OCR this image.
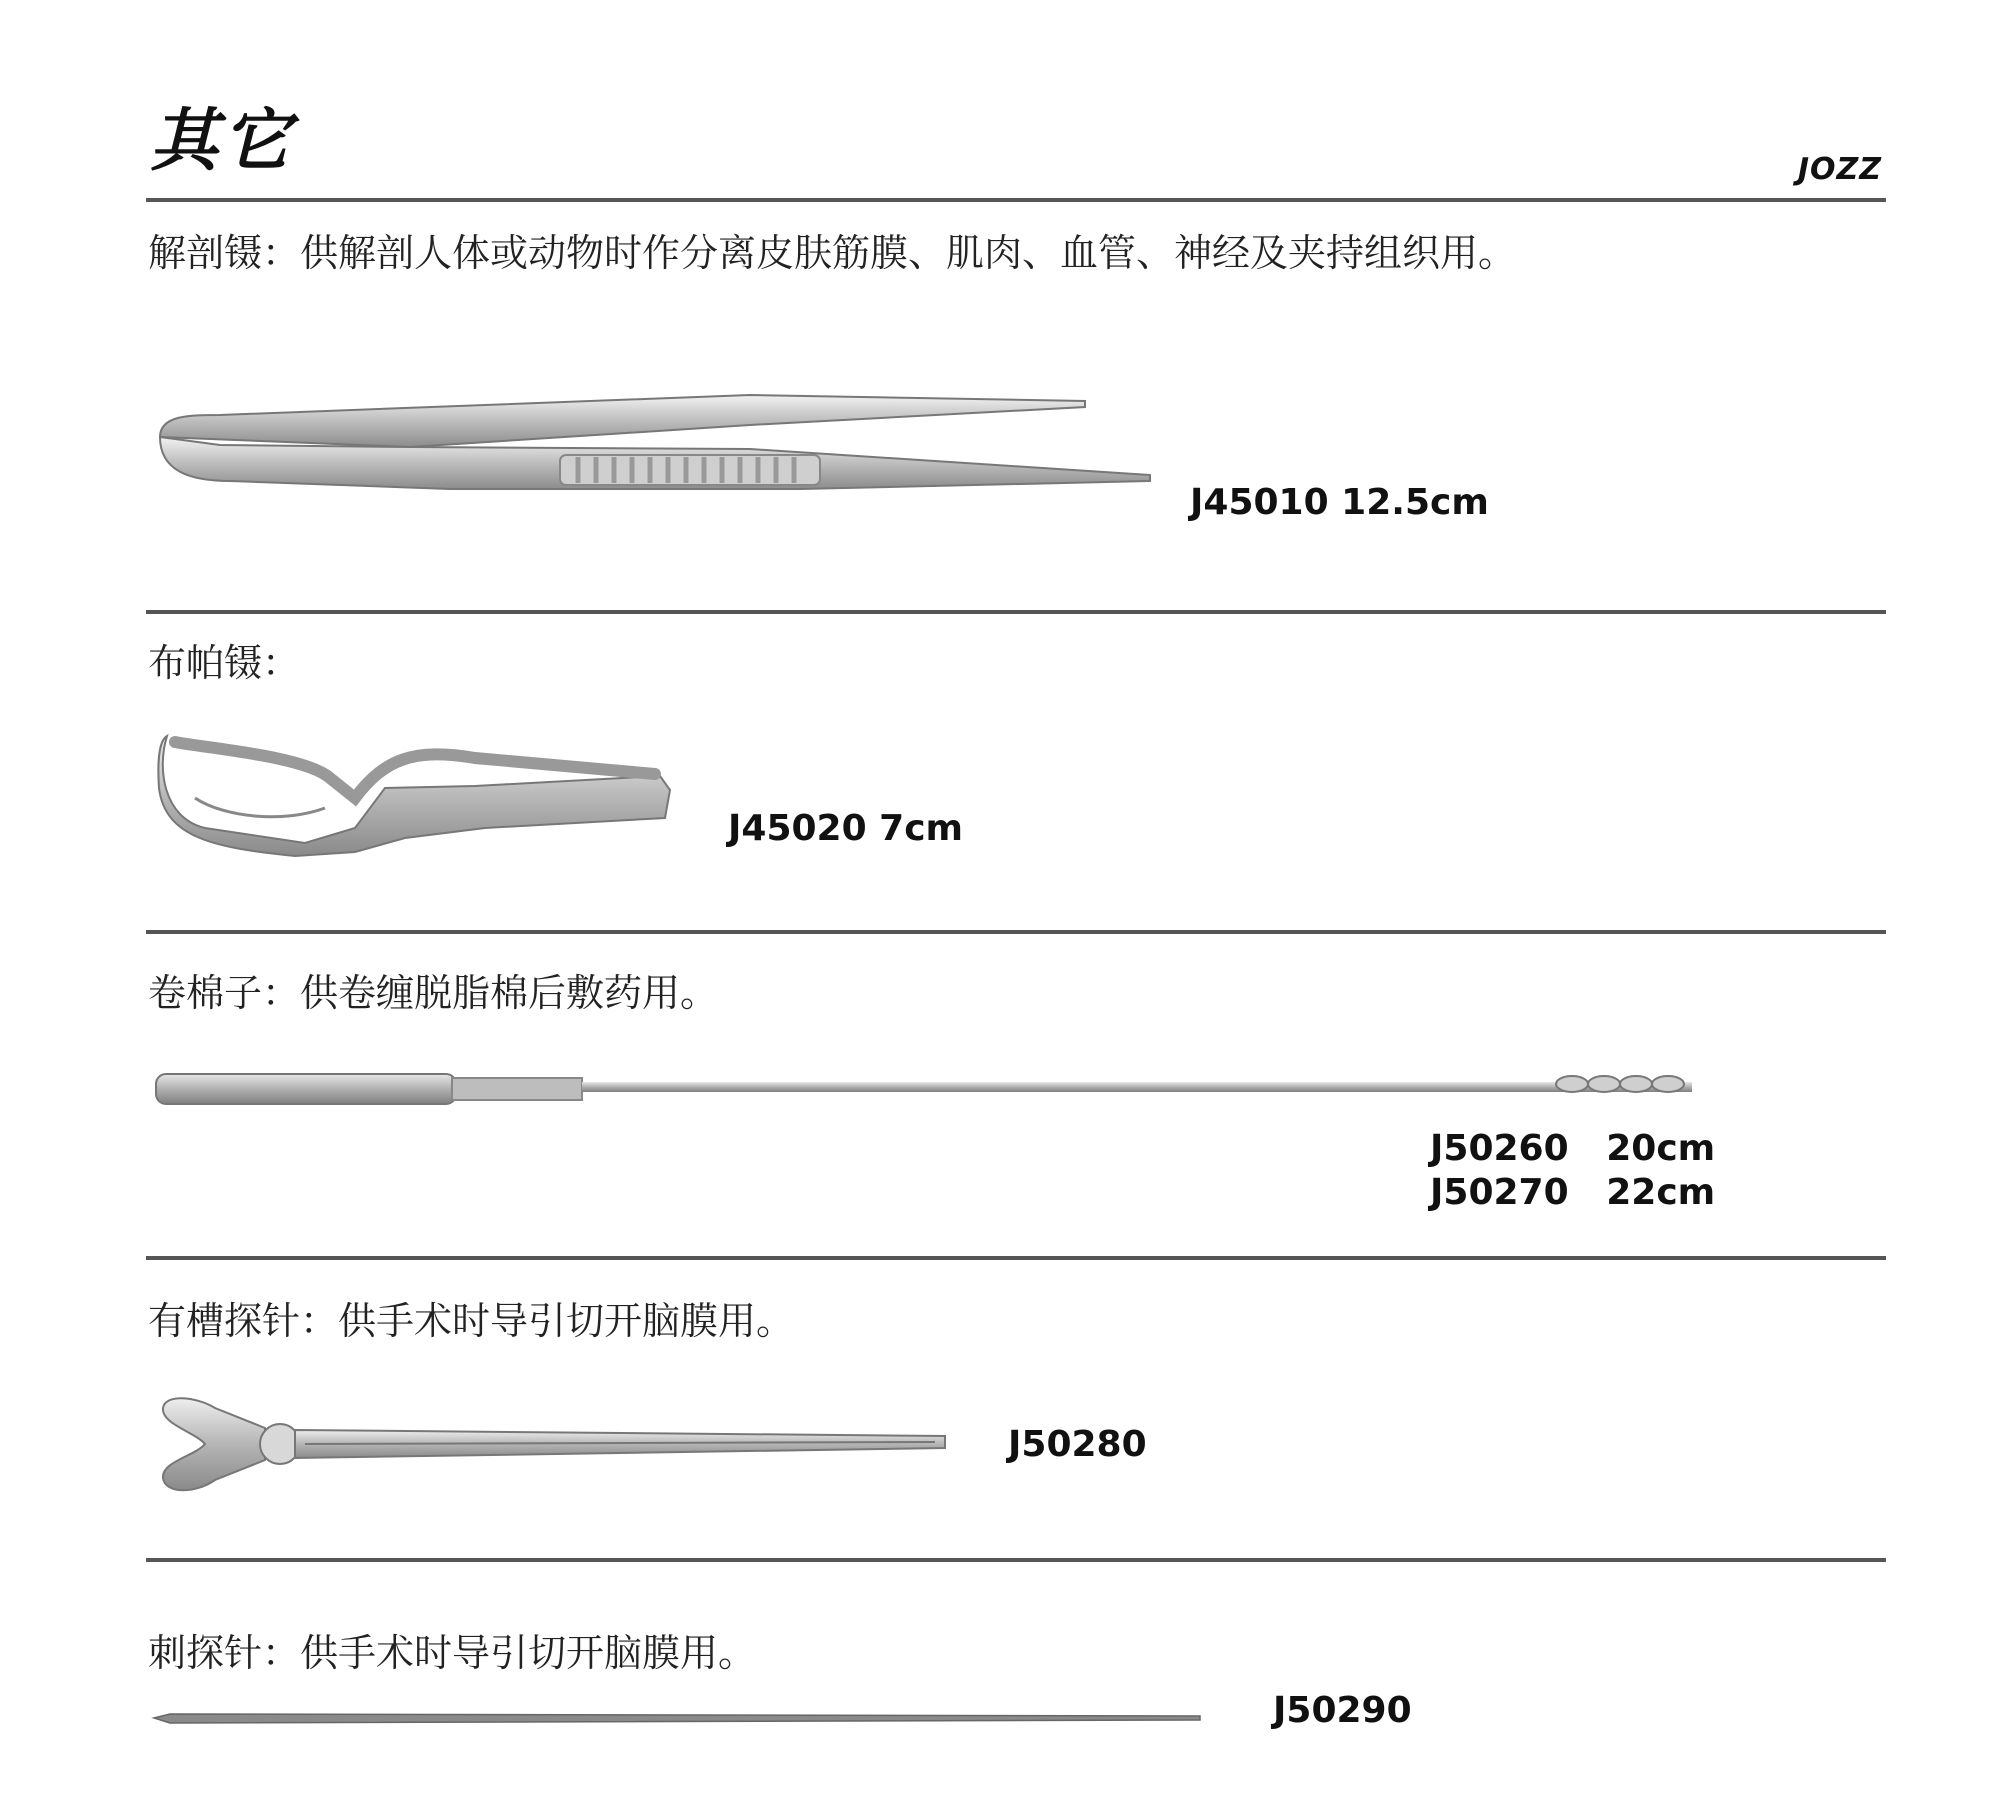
其它	JOZZ
解剖镊：供解剖人体或动物时作分离皮肤筋膜、肌肉、血管、神经及夹持组织用。
J45010 12.5cm
布帕镊：
J45020 7cm
卷棉子：供卷缠脱脂棉后敷药用。
J50260   20cm
J50270   22cm
有槽探针：供手术时导引切开脑膜用。
J50280
刺探针：供手术时导引切开脑膜用。
J50290
